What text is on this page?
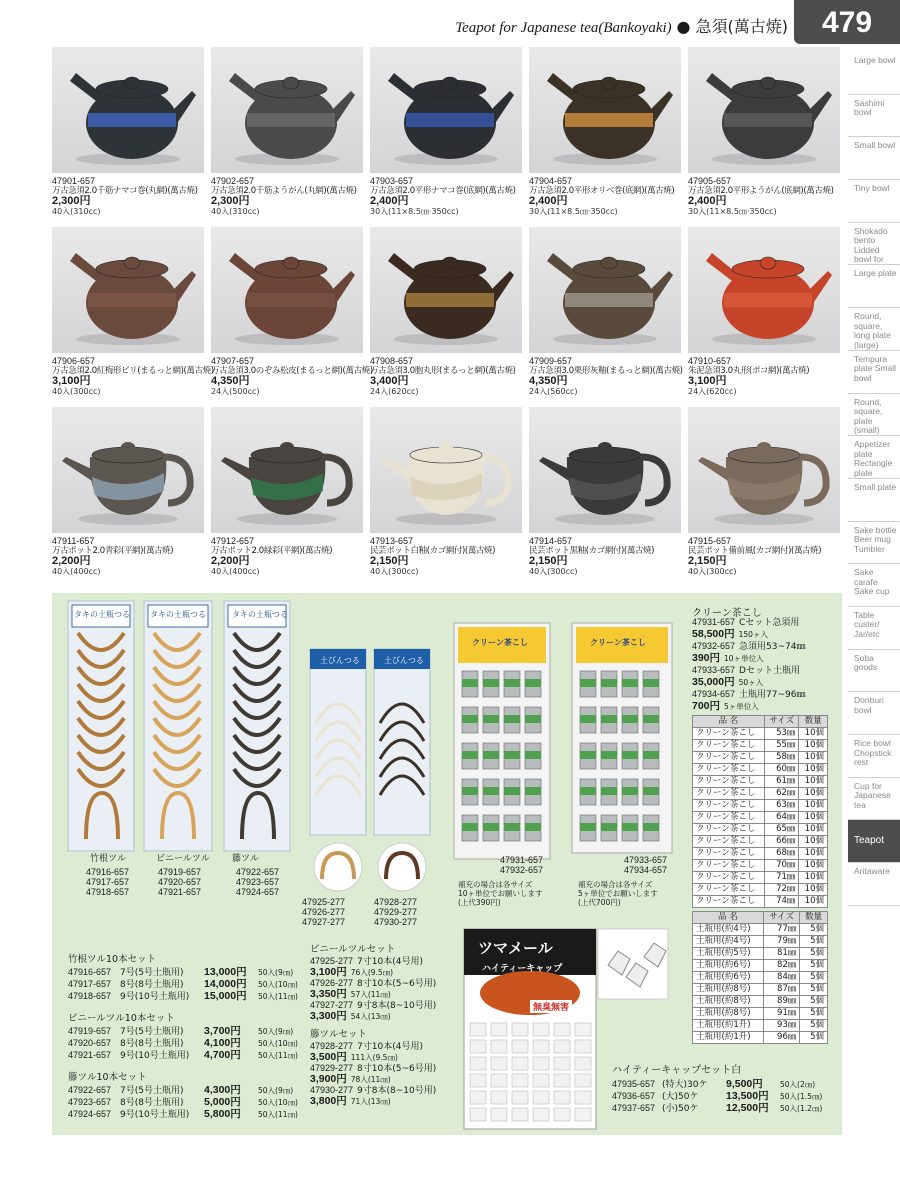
Teapot for Japanese tea(Bankoyaki) ● 急須(萬古焼)	479
Large bowl
Sashimi bowl
Small bowl
Tiny bowl
Shokado bento Lidded bowl for
Large plate
Round, square, long plate (large)
Tempura plate Small bowl
Round, square, plate (small)
Appetizer plate Rectangle plate
Small plate
Sake bottle Beer mug Tumbler
Sake carafe Sake cup
Table custer/ Jar/etc
Soba goods
Donburi bowl
Rice bowl Chopstick rest
Cup for Japanese tea
Teapot
Aritaware
47901-657
万古急須2.0千筋ナマコ巻(丸網)(萬古焼)
2,300円
40入(310cc)
47902-657
万古急須2.0千筋ようがん(丸網)(萬古焼)
2,300円
40入(310cc)
47903-657
万古急須2.0平形ナマコ巻(底網)(萬古焼)
2,400円
30入(11×8.5㎝·350cc)
47904-657
万古急須2.0平形オリベ巻(底網)(萬古焼)
2,400円
30入(11×8.5㎝·350cc)
47905-657
万古急須2.0平形ようがん(底網)(萬古焼)
2,400円
30入(11×8.5㎝·350cc)
47906-657
万古急須2.0紅梅形ビリ(まるっと網)(萬古焼)
3,100円
40入(300cc)
47907-657
万古急須3.0のぞみ松皮(まるっと網)(萬古焼)
4,350円
24入(500cc)
47908-657
万古急須3.0胞丸形(まるっと網)(萬古焼)
3,400円
24入(620cc)
47909-657
万古急須3.0栗形灰釉(まるっと網)(萬古焼)
4,350円
24入(560cc)
47910-657
朱泥急須3.0丸形(ボコ網)(萬古焼)
3,100円
24入(620cc)
47911-657
万古ポット2.0青彩(平網)(萬古焼)
2,200円
40入(400cc)
47912-657
万古ポット2.0緑彩(平網)(萬古焼)
2,200円
40入(400cc)
47913-657
民芸ポット白釉(カゴ網付)(萬古焼)
2,150円
40入(300cc)
47914-657
民芸ポット黒釉(カゴ網付)(萬古焼)
2,150円
40入(300cc)
47915-657
民芸ポット備前風(カゴ網付)(萬古焼)
2,150円
40入(300cc)
タキの土瓶つる	タキの土瓶つる	タキの土瓶つる
土びんつる	土びんつる
クリーン茶こし	クリーン茶こし
竹根ツル	ビニールツル 籐ツル
47916-657
47917-657
47918-657
47919-657
47920-657
47921-657
47922-657
47923-657
47924-657
47925-277
47926-277
47927-277
47928-277
47929-277
47930-277
竹根ツル10本セット
47916-657 7号(5号土瓶用) 13,000円 50入(9㎝)
47917-657 8号(8号土瓶用) 14,000円 50入(10㎝)
47918-657 9号(10号土瓶用) 15,000円 50入(11㎝)
ビニールツル10本セット
47919-657 7号(5号土瓶用) 3,700円 50入(9㎝)
47920-657 8号(8号土瓶用) 4,100円 50入(10㎝)
47921-657 9号(10号土瓶用) 4,700円 50入(11㎝)
籐ツル10本セット
47922-657 7号(5号土瓶用) 4,300円 50入(9㎝)
47923-657 8号(8号土瓶用) 5,000円 50入(10㎝)
47924-657 9号(10号土瓶用) 5,800円 50入(11㎝)
ビニールツルセット
47925-277 7寸10本(4号用)
3,100円 76入(9.5㎝)
47926-277 8寸10本(5~6号用)
3,350円 57入(11㎝)
47927-277 9寸8本(8~10号用)
3,300円 54入(13㎝)
籐ツルセット
47928-277 7寸10本(4号用)
3,500円 111入(9.5㎝)
47929-277 8寸10本(5~6号用)
3,900円 78入(11㎝)
47930-277 9寸8本(8~10号用)
3,800円 71入(13㎝)
47931-657
47932-657
47933-657
47934-657
補充の場合は各サイズ
10ヶ単位でお願いします
(上代390円)
補充の場合は各サイズ
5ヶ単位でお願いします
(上代700円)
クリーン茶こし
47931-657 Cセット急須用
58,500円 150ヶ入
47932-657 急須用53~74㎜
390円 10ヶ単位入
47933-657 Dセット土瓶用
35,000円 50ヶ入
47934-657 土瓶用77~96㎜
700円 5ヶ単位入
品 名	サイズ	数量
クリーン茶こし	53㎜	10個
クリーン茶こし	55㎜	10個
クリーン茶こし	58㎜	10個
クリーン茶こし	60㎜	10個
クリーン茶こし	61㎜	10個
クリーン茶こし	62㎜	10個
クリーン茶こし	63㎜	10個
クリーン茶こし	64㎜	10個
クリーン茶こし	65㎜	10個
クリーン茶こし	66㎜	10個
クリーン茶こし	68㎜	10個
クリーン茶こし	70㎜	10個
クリーン茶こし	71㎜	10個
クリーン茶こし	72㎜	10個
クリーン茶こし	74㎜	10個
品 名	サイズ	数量
土瓶用(約4号)	77㎜	5個
土瓶用(約4号)	79㎜	5個
土瓶用(約5号)	81㎜	5個
土瓶用(約6号)	82㎜	5個
土瓶用(約6号)	84㎜	5個
土瓶用(約8号)	87㎜	5個
土瓶用(約8号)	89㎜	5個
土瓶用(約8号)	91㎜	5個
土瓶用(約1升)	93㎜	5個
土瓶用(約1升)	96㎜	5個
ツマメール
ハイティーキャップ
無臭無害
ハイティーキャップセット白
47935-657 (特大)30ケ 9,500円 50入(2㎝)
47936-657 (大)50ケ	13,500円 50入(1.5㎝)
47937-657 (小)50ケ	12,500円 50入(1.2㎝)
